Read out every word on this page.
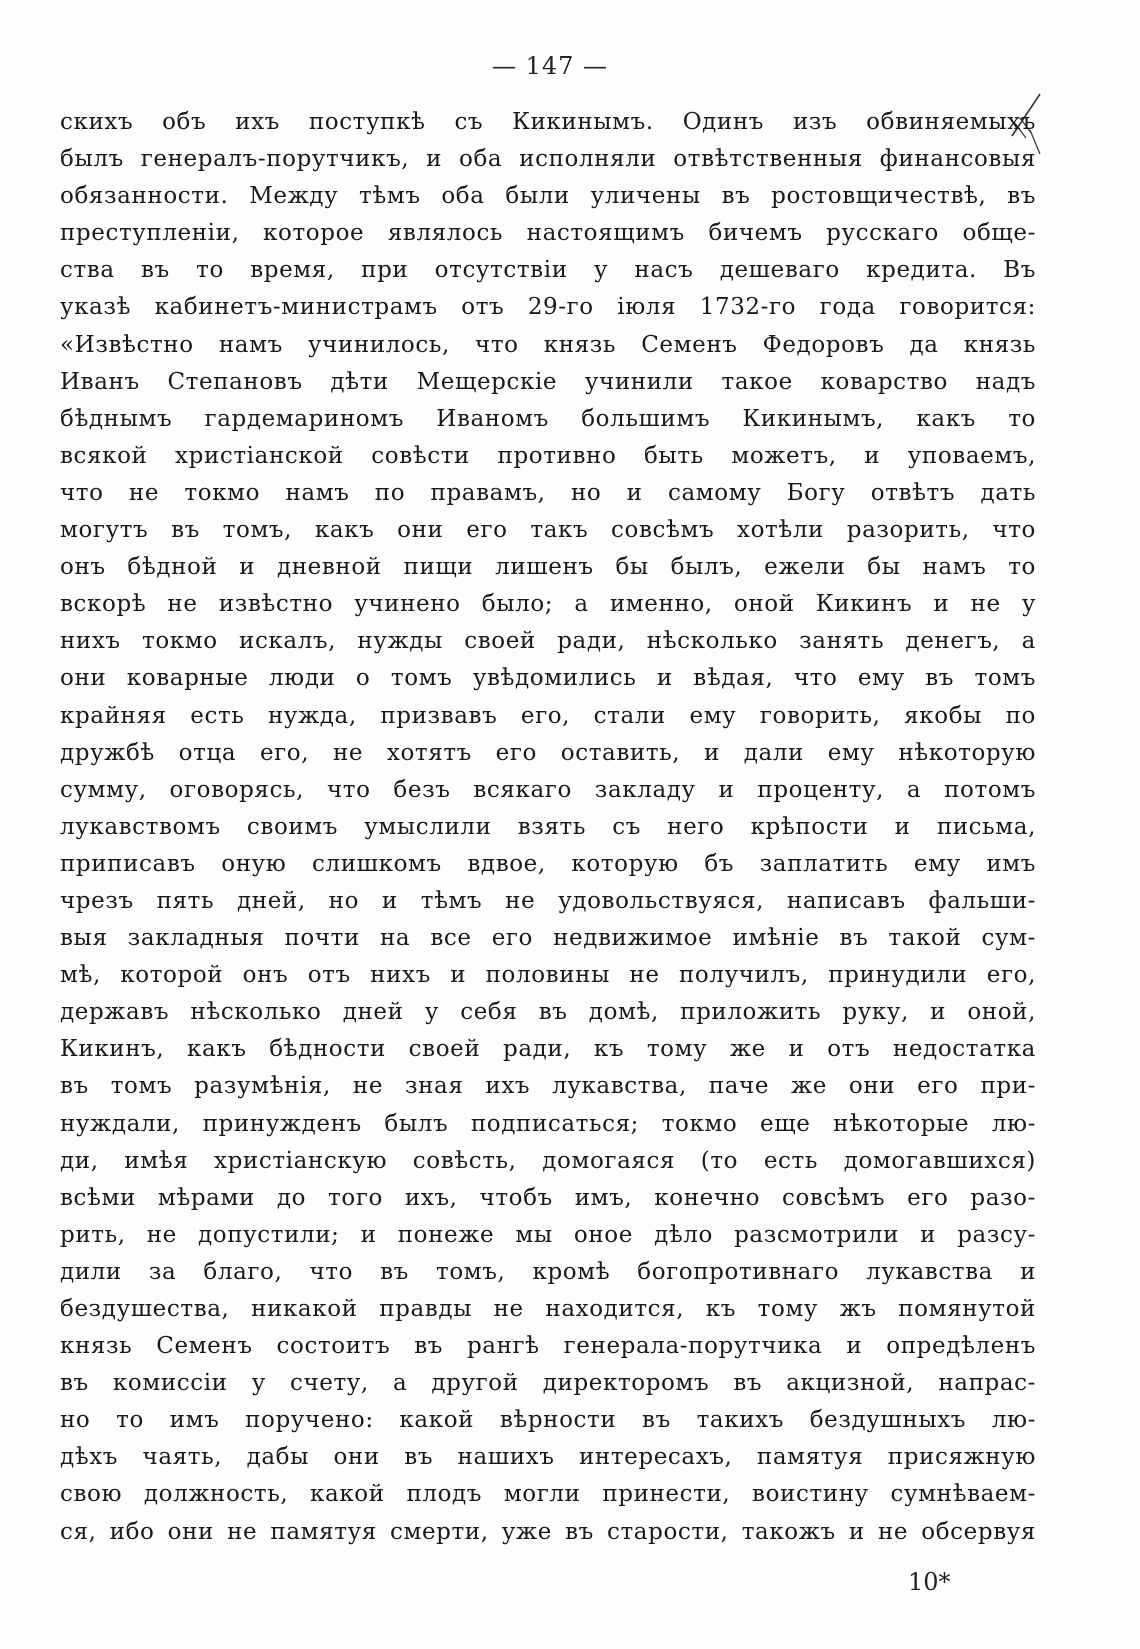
— 147 —
скихъ объ ихъ поступкѣ съ Кикинымъ. Одинъ изъ обвиняемыхъ
былъ генералъ-порутчикъ, и оба исполняли отвѣтственныя финансовыя
обязанности. Между тѣмъ оба были уличены въ ростовщичествѣ, въ
преступленіи, которое являлось настоящимъ бичемъ русскаго обще-
ства въ то время, при отсутствіи у насъ дешеваго кредита. Въ
указѣ кабинетъ-министрамъ отъ 29-го іюля 1732-го года говорится:
«Извѣстно намъ учинилось, что князь Семенъ Федоровъ да князь
Иванъ Степановъ дѣти Мещерскіе учинили такое коварство надъ
бѣднымъ гардемариномъ Иваномъ большимъ Кикинымъ, какъ то
всякой христіанской совѣсти противно быть можетъ, и уповаемъ,
что не токмо намъ по правамъ, но и самому Богу отвѣтъ дать
могутъ въ томъ, какъ они его такъ совсѣмъ хотѣли разорить, что
онъ бѣдной и дневной пищи лишенъ бы былъ, ежели бы намъ то
вскорѣ не извѣстно учинено было; а именно, оной Кикинъ и не у
нихъ токмо искалъ, нужды своей ради, нѣсколько занять денегъ, а
они коварные люди о томъ увѣдомились и вѣдая, что ему въ томъ
крайняя есть нужда, призвавъ его, стали ему говорить, якобы по
дружбѣ отца его, не хотятъ его оставить, и дали ему нѣкоторую
сумму, оговорясь, что безъ всякаго закладу и проценту, а потомъ
лукавствомъ своимъ умыслили взять съ него крѣпости и письма,
приписавъ оную слишкомъ вдвое, которую бъ заплатить ему имъ
чрезъ пять дней, но и тѣмъ не удовольствуяся, написавъ фальши-
выя закладныя почти на все его недвижимое имѣніе въ такой сум-
мѣ, которой онъ отъ нихъ и половины не получилъ, принудили его,
державъ нѣсколько дней у себя въ домѣ, приложить руку, и оной,
Кикинъ, какъ бѣдности своей ради, къ тому же и отъ недостатка
въ томъ разумѣнія, не зная ихъ лукавства, паче же они его при-
нуждали, принужденъ былъ подписаться; токмо еще нѣкоторые лю-
ди, имѣя христіанскую совѣсть, домогаяся (то есть домогавшихся)
всѣми мѣрами до того ихъ, чтобъ имъ, конечно совсѣмъ его разо-
рить, не допустили; и понеже мы оное дѣло разсмотрили и разсу-
дили за благо, что въ томъ, кромѣ богопротивнаго лукавства и
бездушества, никакой правды не находится, къ тому жъ помянутой
князь Семенъ состоитъ въ рангѣ генерала-порутчика и опредѣленъ
въ комиссіи у счету, а другой директоромъ въ акцизной, напрас-
но то имъ поручено: какой вѣрности въ такихъ бездушныхъ лю-
дѣхъ чаять, дабы они въ нашихъ интересахъ, памятуя присяжную
свою должность, какой плодъ могли принести, воистину сумнѣваем-
ся, ибо они не памятуя смерти, уже въ старости, такожъ и не обсервуя
10*
